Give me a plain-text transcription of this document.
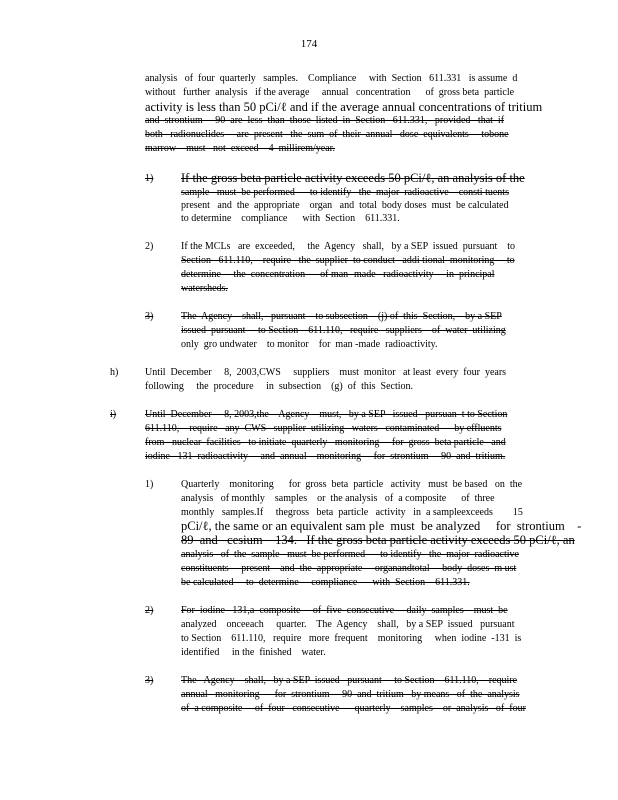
174
analysis   of  four  quarterly   samples.    Compliance     with  Section   611.331   is assume  d
without   further  analysis   if the average     annual   concentration      of  gross beta  particle
activity is less than 50 pCi/ℓ and if the average annual concentrations of tritium
and  strontium     90  are  less  than  those  listed  in  Section   611.331,   provided   that  if
both   radionuclides     are  present   the  sum  of  their  annual   dose  equivalents     tobone
marrow    must   not  exceed    4  millirem/year.
1) If the gross beta particle activity exceeds 50 pCi/ℓ, an analysis of the
sample   must  be performed      to identify   the  major  radioactive    consti tuents
present   and  the  appropriate    organ   and  total  body doses  must  be calculated
to determine    compliance      with  Section    611.331.
2)	If the MCLs   are  exceeded,     the  Agency   shall,   by a SEP  issued  pursuant    to
Section   611.110,    require   the  supplier  to conduct   addi tional  monitoring     to
determine     the  concentration      of man -made   radioactivity     in  principal
watersheds.
3)	The  Agency    shall,   pursuant    to subsection    (j) of  this  Section,    by a SEP
issued  pursuant     to Section    611.110,   require   suppliers    of  water  utilizing
only  gro undwater    to monitor    for  man -made  radioactivity.
h)	Until  December     8,  2003,CWS     suppliers    must  monitor   at least  every  four  years
following     the  procedure     in  subsection    (g)  of  this  Section.
i)	Until  December     8, 2003,the    Agency    must,   by a SEP   issued   pursuan  t to Section
611.110,    require   any  CWS   supplier  utilizing   waters   contaminated      by effluents
from   nuclear  facilities   to initiate  quarterly   monitoring     for  gross  beta particle   and
iodine   131  radioactivity     and  annual    monitoring     for  strontium     90  and  tritium.
1)	Quarterly    monitoring      for  gross  beta  particle   activity   must  be based   on  the
analysis   of monthly    samples    or  the analysis   of  a composite      of  three
monthly   samples.If     thegross   beta  particle   activity   in  a sampleexceeds        15
pCi/ℓ, the same or an equivalent sam ple  must  be analyzed     for  strontium    -
89  and   cesium    134.   If the gross beta particle activity exceeds 50 pCi/ℓ, an
analysis   of  the  sample   must  be performed      to identify   the  major  radioactive
constituents     present    and  the  appropriate     organandtotal     body  doses  m ust
be calculated     to  determine     compliance      with  Section    611.331.
2)	For  iodine   131,a  composite     of  five  consecutive     daily  samples    must  be
analyzed    onceeach     quarter.    The  Agency    shall,   by a SEP  issued   pursuant
to Section    611.110,   require   more  frequent    monitoring     when  iodine  -131  is
identified     in the  finished    water.
3)	The   Agency    shall,   by a SEP  issued   pursuant     to Section    611.110,    require
annual   monitoring      for  strontium     90  and  tritium   by means   of  the  analysis
of  a composite     of  four   consecutive      quarterly    samples    or  analysis   of  four
